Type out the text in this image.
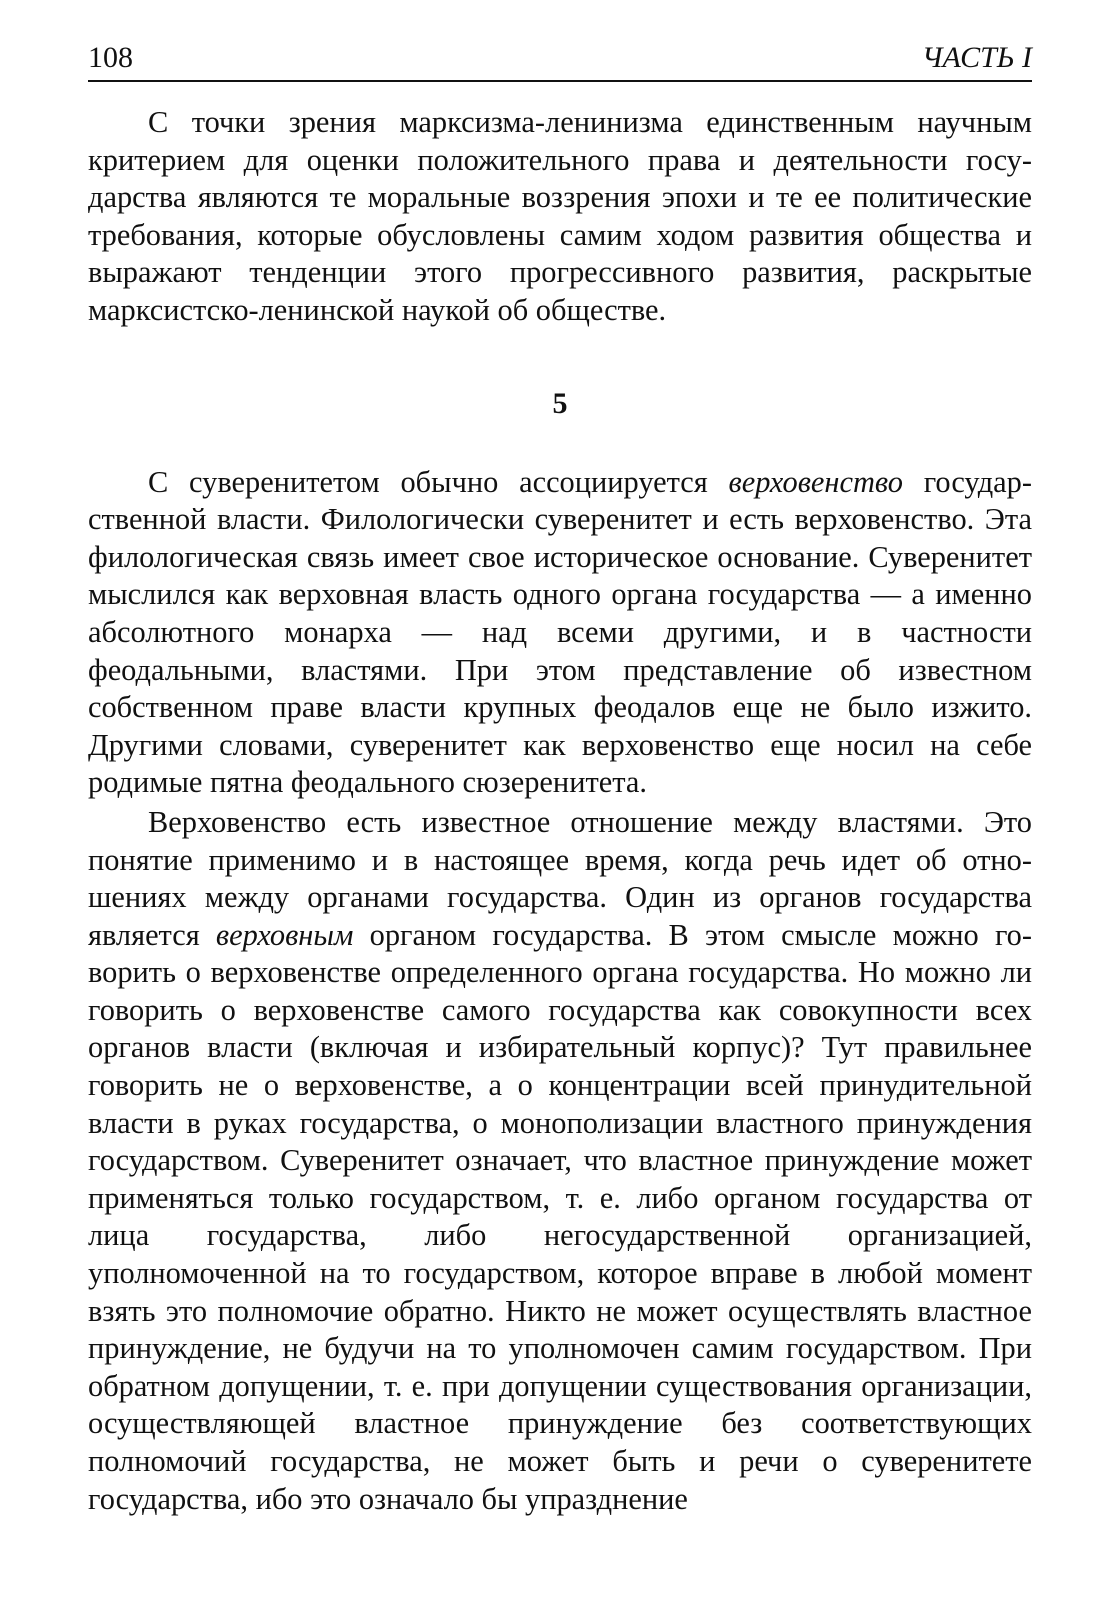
108	ЧАСТЬ I

С точки зрения марксизма-ленинизма единственным научным критерием для оценки положительного права и деятельности государства являются те моральные воззрения эпохи и те ее политические требования, которые обусловлены самим ходом развития общества и выражают тенденции этого прогрессивного развития, раскрытые марксистско-ленинской наукой об обществе.

5

С суверенитетом обычно ассоциируется верховенство государственной власти. Филологически суверенитет и есть верховенство. Эта филологическая связь имеет свое историческое основание. Суверенитет мыслился как верховная власть одного органа государства — а именно абсолютного монарха — над всеми другими, и в частности феодальными, властями. При этом представление об известном собственном праве власти крупных феодалов еще не было изжито. Другими словами, суверенитет как верховенство еще носил на себе родимые пятна феодального сюзеренитета.

Верховенство есть известное отношение между властями. Это понятие применимо и в настоящее время, когда речь идет об отношениях между органами государства. Один из органов государства является верховным органом государства. В этом смысле можно говорить о верховенстве определенного органа государства. Но можно ли говорить о верховенстве самого государства как совокупности всех органов власти (включая и избирательный корпус)? Тут правильнее говорить не о верховенстве, а о концентрации всей принудительной власти в руках государства, о монополизации властного принуждения государством. Суверенитет означает, что властное принуждение может применяться только государством, т. е. либо органом государства от лица государства, либо негосударственной организацией, уполномоченной на то государством, которое вправе в любой момент взять это полномочие обратно. Никто не может осуществлять властное принуждение, не будучи на то уполномочен самим государством. При обратном допущении, т. е. при допущении существования организации, осуществляющей властное принуждение без соответствующих полномочий государства, не может быть и речи о суверенитете государства, ибо это означало бы упразднение
